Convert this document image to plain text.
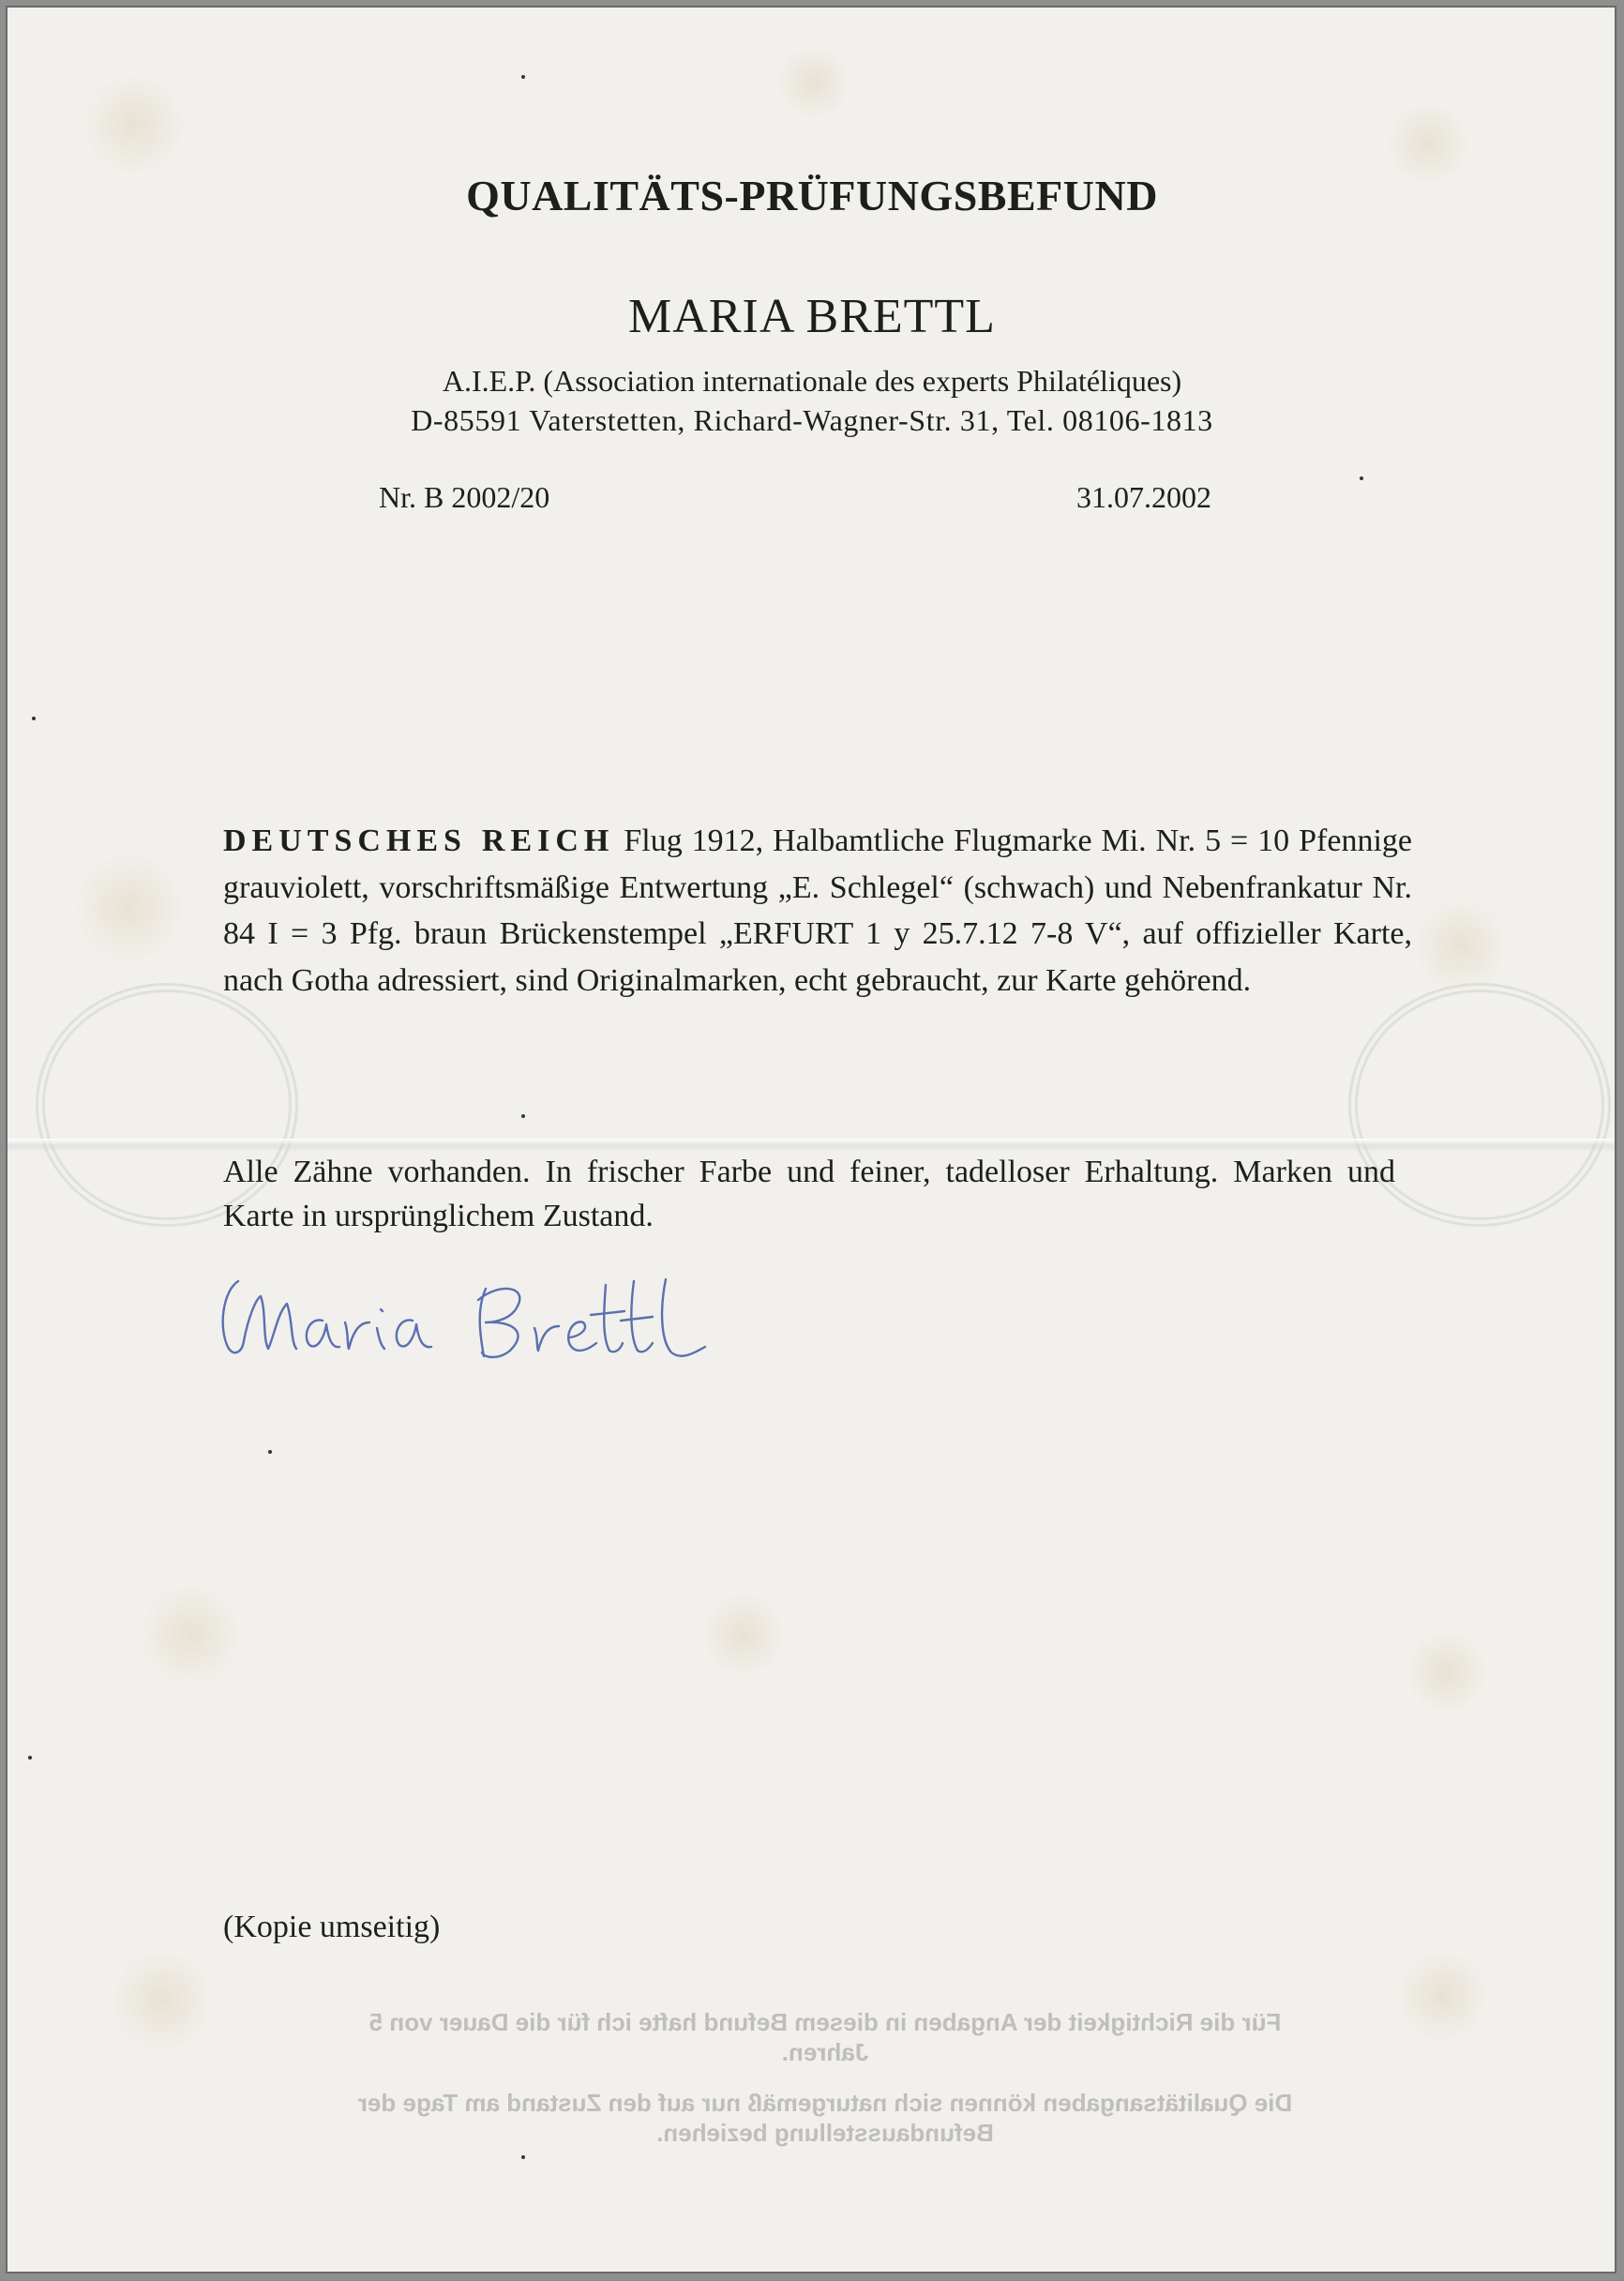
QUALITÄTS-PRÜFUNGSBEFUND
MARIA BRETTL
A.I.E.P. (Association internationale des experts Philatéliques)
D-85591 Vaterstetten, Richard-Wagner-Str. 31, Tel. 08106-1813
Nr. B 2002/20	31.07.2002
DEUTSCHES REICH Flug 1912, Halbamtliche Flugmarke Mi. Nr. 5 = 10 Pfennige grauviolett, vorschriftsmäßige Entwertung „E. Schlegel“ (schwach) und Nebenfrankatur Nr. 84 I = 3 Pfg. braun Brückenstempel „ERFURT 1 y 25.7.12 7-8 V“, auf offizieller Karte, nach Gotha adressiert, sind Originalmarken, echt gebraucht, zur Karte gehörend.
Alle Zähne vorhanden. In frischer Farbe und feiner, tadelloser Erhaltung. Marken und Karte in ursprünglichem Zustand.
(Kopie umseitig)

Für die Richtigkeit der Angaben in diesem Befund hafte ich für die Dauer von 5 Jahren.

Die Qualitätsangaben können sich naturgemäß nur auf den Zustand am Tage der Befundausstellung beziehen.
